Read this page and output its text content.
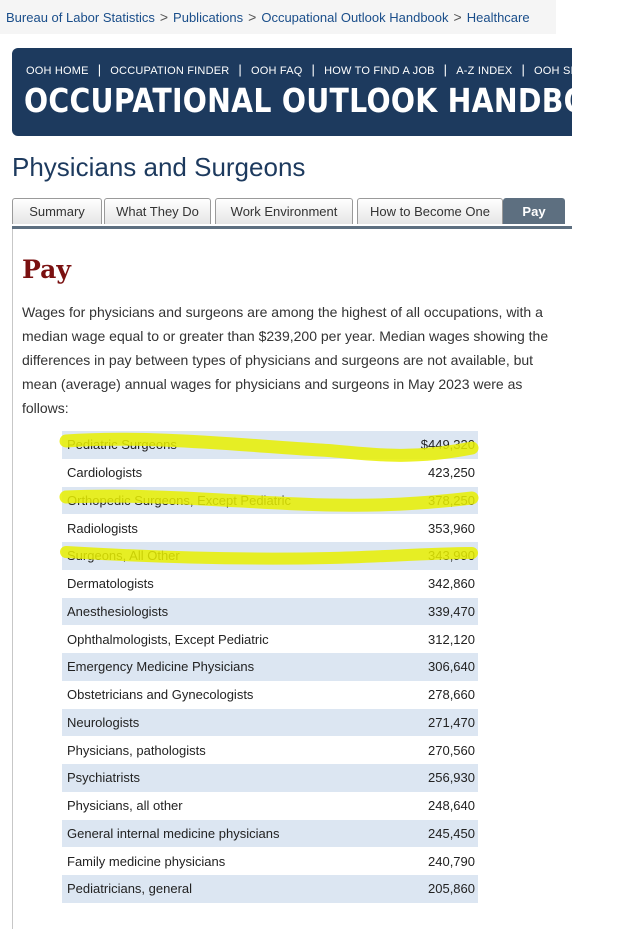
Bureau of Labor Statistics > Publications > Occupational Outlook Handbook > Healthcare
OOH HOME | OCCUPATION FINDER | OOH FAQ | HOW TO FIND A JOB | A-Z INDEX | OOH SITE MAP
OCCUPATIONAL OUTLOOK HANDBOOK
Physicians and Surgeons
Summary	What They Do	Work Environment	How to Become One	Pay
Pay

Wages for physicians and surgeons are among the highest of all occupations, with a median wage equal to or greater than $239,200 per year. Median wages showing the differences in pay between types of physicians and surgeons are not available, but mean (average) annual wages for physicians and surgeons in May 2023 were as follows:

Pediatric Surgeons	$449,320
Cardiologists	423,250
Orthopedic Surgeons, Except Pediatric	378,250
Radiologists	353,960
Surgeons, All Other	343,990
Dermatologists	342,860
Anesthesiologists	339,470
Ophthalmologists, Except Pediatric	312,120
Emergency Medicine Physicians	306,640
Obstetricians and Gynecologists	278,660
Neurologists	271,470
Physicians, pathologists	270,560
Psychiatrists	256,930
Physicians, all other	248,640
General internal medicine physicians	245,450
Family medicine physicians	240,790
Pediatricians, general	205,860
